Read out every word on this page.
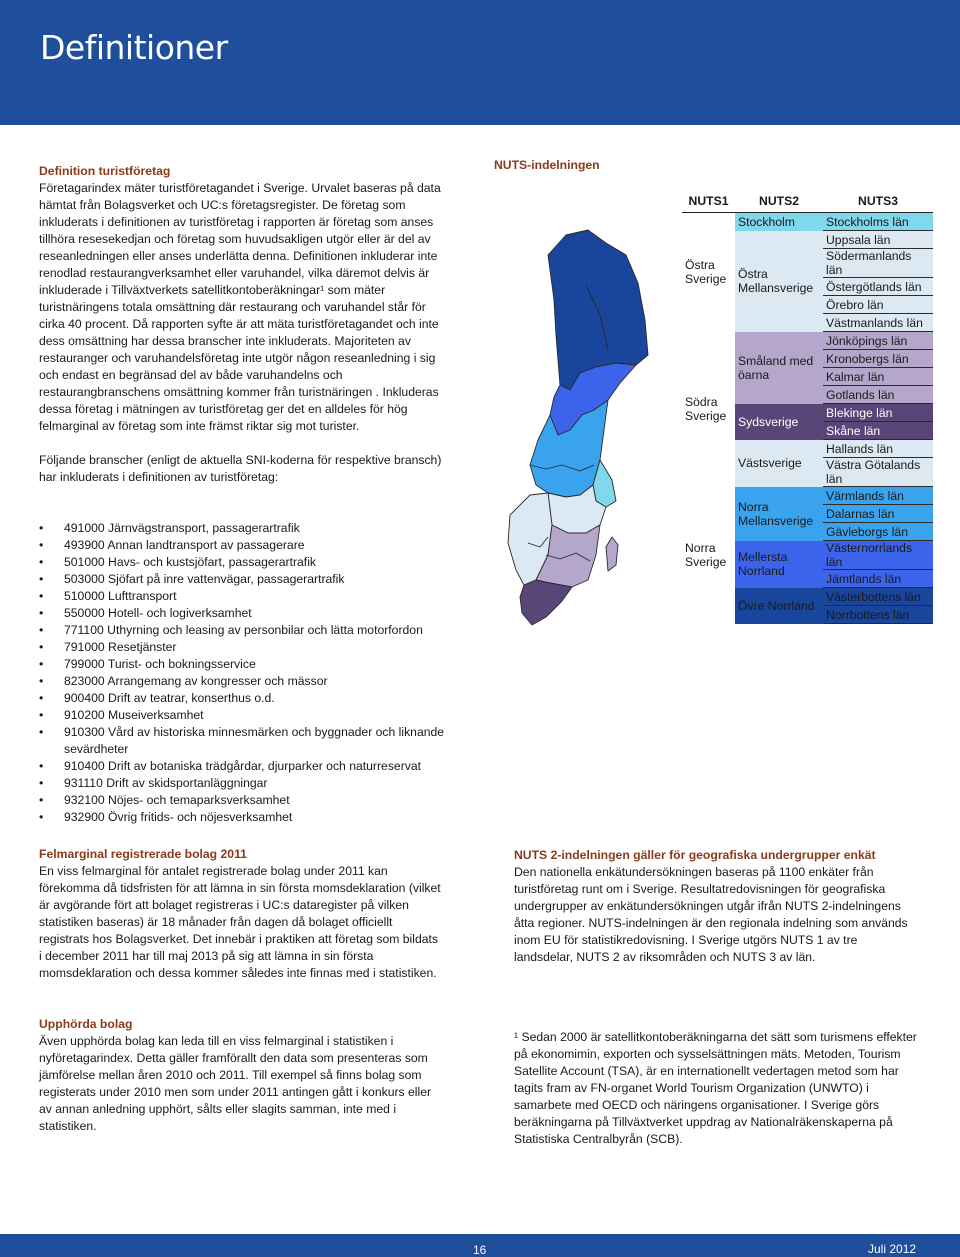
Definitioner
Definition turistföretag

Företagarindex mäter turistföretagandet i Sverige. Urvalet baseras på data hämtat från Bolagsverket och UC:s företagsregister. De företag som inkluderats i definitionen av turistföretag i rapporten är företag som anses tillhöra resesekedjan och företag som huvudsakligen utgör eller är del av reseanledningen eller anses underlätta denna. Definitionen inkluderar inte renodlad restaurangverksamhet eller varuhandel, vilka däremot delvis är inkluderade i Tillväxtverkets satellitkontoberäkningar¹ som mäter turistnäringens totala omsättning där restaurang och varuhandel står för cirka 40 procent. Då rapporten syfte är att mäta turistföretagandet och inte dess omsättning har dessa branscher inte inkluderats. Majoriteten av restauranger och varuhandelsföretag inte utgör någon reseanledning i sig och endast en begränsad del av både varuhandelns och restaurangbranschens omsättning kommer från turistnäringen . Inkluderas dessa företag i mätningen av turistföretag ger det en alldeles för hög felmarginal av företag som inte främst riktar sig mot turister.

Följande branscher (enligt de aktuella SNI-koderna för respektive bransch) har inkluderats i definitionen av turistföretag:

• 491000 Järnvägstransport, passagerartrafik
• 493900 Annan landtransport av passagerare
• 501000 Havs- och kustsjöfart, passagerartrafik
• 503000 Sjöfart på inre vattenvägar, passagerartrafik
• 510000 Lufttransport
• 550000 Hotell- och logiverksamhet
• 771100 Uthyrning och leasing av personbilar och lätta motorfordon
• 791000 Resetjänster
• 799000 Turist- och bokningsservice
• 823000 Arrangemang av kongresser och mässor
• 900400 Drift av teatrar, konserthus o.d.
• 910200 Museiverksamhet
• 910300 Vård av historiska minnesmärken och byggnader och liknande sevärdheter
• 910400 Drift av botaniska trädgårdar, djurparker och naturreservat
• 931110 Drift av skidsportanläggningar
• 932100 Nöjes- och temaparksverksamhet
• 932900 Övrig fritids- och nöjesverksamhet
Felmarginal registrerade bolag 2011

En viss felmarginal för antalet registrerade bolag under 2011 kan förekomma då tidsfristen för att lämna in sin första momsdeklaration (vilket är avgörande fört att bolaget registreras i UC:s dataregister på vilken statistiken baseras) är 18 månader från dagen då bolaget officiellt registrats hos Bolagsverket. Det innebär i praktiken att företag som bildats i december 2011 har till maj 2013 på sig att lämna in sin första momsdeklaration och dessa kommer således inte finnas med i statistiken.

Upphörda bolag

Även upphörda bolag kan leda till en viss felmarginal i statistiken i nyföretagarindex. Detta gäller framförallt den data som presenteras som jämförelse mellan åren 2010 och 2011. Till exempel så finns bolag som registerats under 2010 men som under 2011 antingen gått i konkurs eller av annan anledning upphört, sålts eller slagits samman, inte med i statistiken.

NUTS-indelningen
NUTS1	NUTS2	NUTS3
Östra Sverige	Stockholm	Stockholms län
	Östra Mellansverige	Uppsala län
		Södermanlands län
		Östergötlands län
		Örebro län
		Västmanlands län
Södra Sverige	Småland med öarna	Jönköpings län
		Kronobergs län
		Kalmar län
		Gotlands län
	Sydsverige	Blekinge län
		Skåne län
	Västsverige	Hallands län
		Västra Götalands län
Norra Sverige	Norra Mellansverige	Värmlands län
		Dalarnas län
		Gävleborgs län
	Mellersta Norrland	Västernorrlands län
		Jämtlands län
	Övre Norrland	Västerbottens län
		Norrbottens län
NUTS 2-indelningen gäller för geografiska undergrupper enkät

Den nationella enkätundersökningen baseras på 1100 enkäter från turistföretag runt om i Sverige. Resultatredovisningen för geografiska undergrupper av enkätundersökningen utgår ifrån NUTS 2-indelningens åtta regioner. NUTS-indelningen är den regionala indelning som används inom EU för statistikredovisning. I Sverige utgörs NUTS 1 av tre landsdelar, NUTS 2 av riksområden och NUTS 3 av län.

¹ Sedan 2000 är satellitkontoberäkningarna det sätt som turismens effekter på ekonomimin, exporten och sysselsättningen mäts. Metoden, Tourism Satellite Account (TSA), är en internationellt vedertagen metod som har tagits fram av FN-organet World Tourism Organization (UNWTO) i samarbete med OECD och näringens organisationer. I Sverige görs beräkningarna på Tillväxtverket uppdrag av Nationalräkenskaperna på Statistiska Centralbyrån (SCB).

16	Juli 2012
